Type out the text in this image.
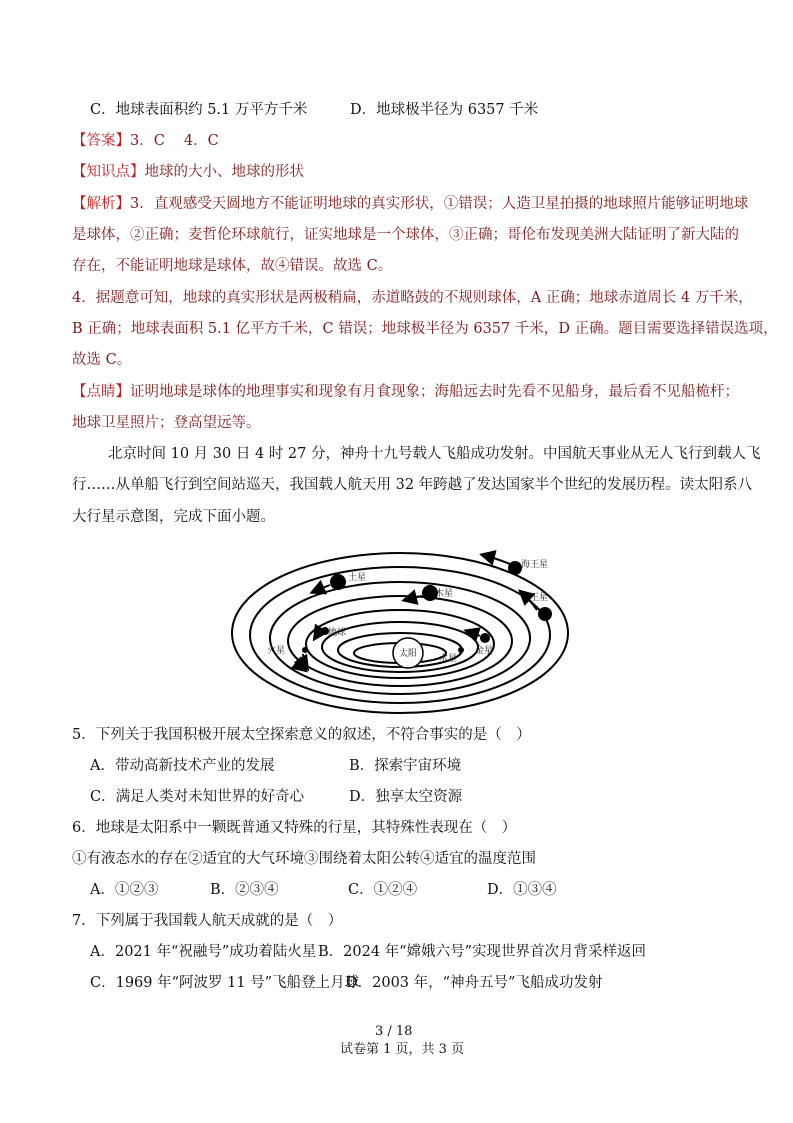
C．地球表面积约 5.1 万平方千米	D．地球极半径为 6357 千米
【答案】3．C　 4．C
【知识点】地球的大小、地球的形状
【解析】3．直观感受天圆地方不能证明地球的真实形状，①错误；人造卫星拍摄的地球照片能够证明地球
是球体，②正确；麦哲伦环球航行，证实地球是一个球体，③正确；哥伦布发现美洲大陆证明了新大陆的
存在，不能证明地球是球体，故④错误。故选 C。
4．据题意可知，地球的真实形状是两极稍扁，赤道略鼓的不规则球体，A 正确；地球赤道周长 4 万千米，
B 正确；地球表面积 5.1 亿平方千米，C 错误；地球极半径为 6357 千米，D 正确。题目需要选择错误选项，
故选 C。
【点睛】证明地球是球体的地理事实和现象有月食现象；海船远去时先看不见船身，最后看不见船桅杆；
地球卫星照片；登高望远等。
北京时间 10 月 30 日 4 时 27 分，神舟十九号载人飞船成功发射。中国航天事业从无人飞行到载人飞
行……从单船飞行到空间站巡天，我国载人航天用 32 年跨越了发达国家半个世纪的发展历程。读太阳系八
大行星示意图，完成下面小题。
太阳 水星
金星
地球
火星
木星
土星
天王星
海王星
5．下列关于我国积极开展太空探索意义的叙述，不符合事实的是（　）
A．带动高新技术产业的发展	B．探索宇宙环境
C．满足人类对未知世界的好奇心	D．独享太空资源
6．地球是太阳系中一颗既普通又特殊的行星，其特殊性表现在（　）
①有液态水的存在②适宜的大气环境③围绕着太阳公转④适宜的温度范围
A．①②③	B．②③④	C．①②④	D．①③④
7．下列属于我国载人航天成就的是（　）
A．2021 年“祝融号”成功着陆火星 B．2024 年“嫦娥六号”实现世界首次月背采样返回
C．1969 年“阿波罗 11 号”飞船登上月球
D．2003 年，“神舟五号”飞船成功发射
3 / 18
试卷第 1 页，共 3 页
